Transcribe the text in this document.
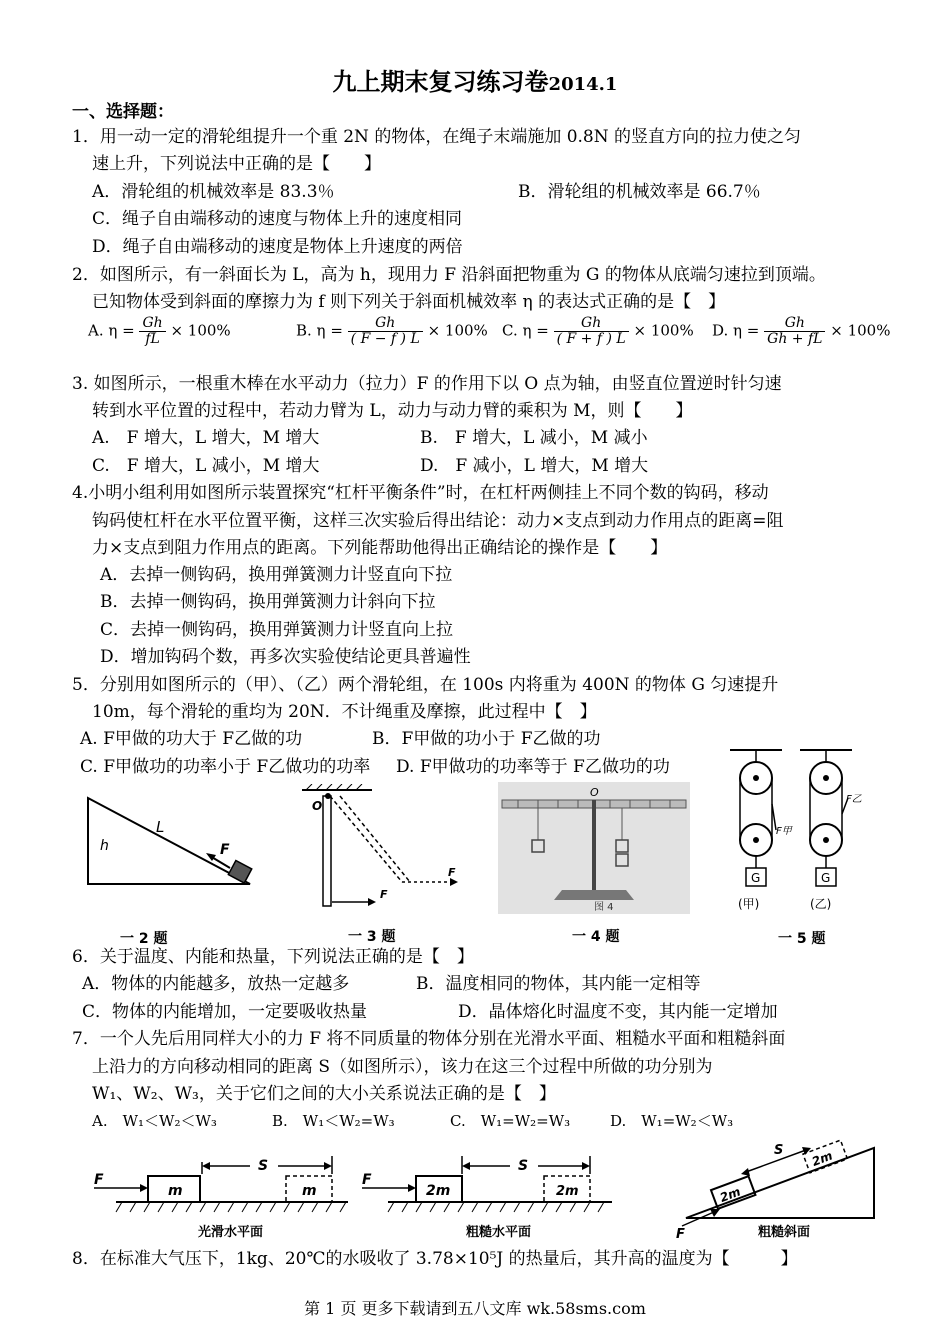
九上期末复习练习卷2014.1
一、选择题：
1．用一动一定的滑轮组提升一个重 2N 的物体，在绳子末端施加 0.8N 的竖直方向的拉力使之匀
速上升，下列说法中正确的是【　　】
A．滑轮组的机械效率是 83.3％	B．滑轮组的机械效率是 66.7％
C．绳子自由端移动的速度与物体上升的速度相同
D．绳子自由端移动的速度是物体上升速度的两倍
2．如图所示，有一斜面长为 L，高为 h，现用力 F 沿斜面把物重为 G 的物体从底端匀速拉到顶端。
已知物体受到斜面的摩擦力为 f 则下列关于斜面机械效率 η 的表达式正确的是【　】
A. $\eta = \frac{Gh}{fL} \times 100\%$	B. $\eta = \frac{Gh}{( F - f ) L} \times 100\%$ C. $\eta = \frac{Gh}{( F + f ) L} \times 100\%$ D. $\eta = \frac{Gh}{Gh + fL} \times 100\%$
3. 如图所示，一根重木棒在水平动力（拉力）F 的作用下以 O 点为轴，由竖直位置逆时针匀速
转到水平位置的过程中，若动力臂为 L，动力与动力臂的乘积为 M，则【　　】
A.　F 增大，L 增大，M 增大	B.　F 增大，L 减小，M 减小
C.　F 增大，L 减小，M 增大	D.　F 减小，L 增大，M 增大
4.小明小组利用如图所示装置探究“杠杆平衡条件”时，在杠杆两侧挂上不同个数的钩码，移动
钩码使杠杆在水平位置平衡，这样三次实验后得出结论：动力×支点到动力作用点的距离=阻
力×支点到阻力作用点的距离。下列能帮助他得出正确结论的操作是【　　】
A．去掉一侧钩码，换用弹簧测力计竖直向下拉
B．去掉一侧钩码，换用弹簧测力计斜向下拉
C．去掉一侧钩码，换用弹簧测力计竖直向上拉
D．增加钩码个数，再多次实验使结论更具普遍性
5．分别用如图所示的（甲）、（乙）两个滑轮组，在 100s 内将重为 400N 的物体 G 匀速提升
10m，每个滑轮的重均为 20N．不计绳重及摩擦，此过程中【　】
A. F甲做的功大于 F乙做的功	B．F甲做的功小于 F乙做的功
C. F甲做功的功率小于 F乙做功的功率 D. F甲做功的功率等于 F乙做功的功
h
L
F
O
F
F
O
图 4
G
F甲
(甲)
G
F乙
(乙)
一 2 题	一 3 题	一 4 题	一 5 题
6．关于温度、内能和热量，下列说法正确的是【　】
A．物体的内能越多，放热一定越多	B．温度相同的物体，其内能一定相等
C．物体的内能增加，一定要吸收热量	D．晶体熔化时温度不变，其内能一定增加
7．一个人先后用同样大小的力 F 将不同质量的物体分别在光滑水平面、粗糙水平面和粗糙斜面
上沿力的方向移动相同的距离 S（如图所示），该力在这三个过程中所做的功分别为
W₁、W₂、W₃，关于它们之间的大小关系说法正确的是【　】
A.　W₁＜W₂＜W₃	B.　W₁＜W₂=W₃	C.　W₁=W₂=W₃	D.　W₁=W₂＜W₃
F
S
m	m
光滑水平面
F
S
2m	2m
粗糙水平面
2m
2m
F
S
粗糙斜面
8．在标准大气压下，1kg、20℃的水吸收了 3.78×10⁵J 的热量后，其升高的温度为【　　　】
第 1 页 更多下载请到五八文库 wk.58sms.com
